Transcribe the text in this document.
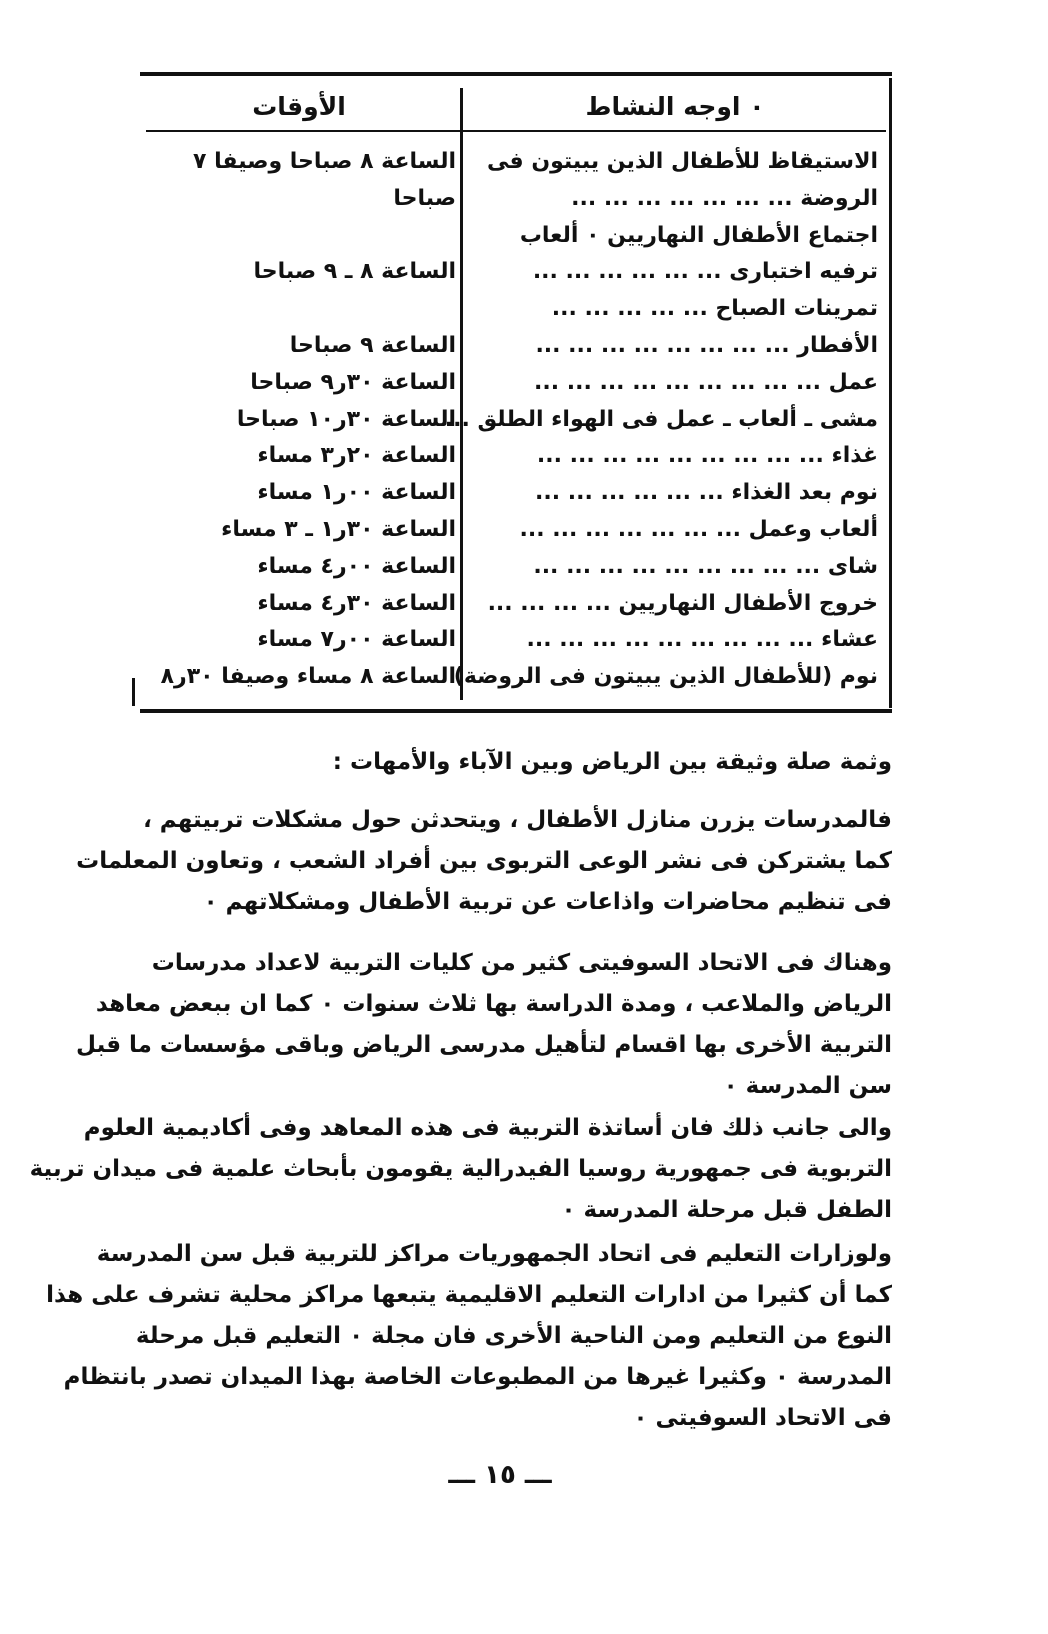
٠ اوجه النشاط
الأوقات
الاستيقاظ للأطفال الذين يبيتون فى
الساعة ٨ صباحا وصيفا ٧
الروضة ... ... ... ... ... ... ...
صباحا
اجتماع الأطفال النهاريين ٠ ألعاب
ترفيه اختبارى ... ... ... ... ... ...
الساعة ٨ ـ ٩ صباحا
تمرينات الصباح ... ... ... ... ...
الأفطار ... ... ... ... ... ... ... ...
الساعة ٩ صباحا
عمل ... ... ... ... ... ... ... ... ...
الساعة ٣٠ر٩ صباحا
مشى ـ ألعاب ـ عمل فى الهواء الطلق ...
الساعة ٣٠ر١٠ صباحا
غذاء ... ... ... ... ... ... ... ... ...
الساعة ٢٠ر٣ مساء
نوم بعد الغذاء ... ... ... ... ... ...
الساعة ٠٠ر١ مساء
ألعاب وعمل ... ... ... ... ... ... ...
الساعة ٣٠ر١ ـ ٣ مساء
شاى ... ... ... ... ... ... ... ... ...
الساعة ٠٠ر٤ مساء
خروج الأطفال النهاريين ... ... ... ...
الساعة ٣٠ر٤ مساء
عشاء ... ... ... ... ... ... ... ... ...
الساعة ٠٠ر٧ مساء
نوم (للأطفال الذين يبيتون فى الروضة)
الساعة ٨ مساء وصيفا ٣٠ر٨
وثمة صلة وثيقة بين الرياض وبين الآباء والأمهات :
فالمدرسات يزرن منازل الأطفال ، ويتحدثن حول مشكلات تربيتهم ،
كما يشتركن فى نشر الوعى التربوى بين أفراد الشعب ، وتعاون المعلمات
فى تنظيم محاضرات واذاعات عن تربية الأطفال ومشكلاتهم ٠
وهناك فى الاتحاد السوفيتى كثير من كليات التربية لاعداد مدرسات
الرياض والملاعب ، ومدة الدراسة بها ثلاث سنوات ٠ كما ان ببعض معاهد
التربية الأخرى بها اقسام لتأهيل مدرسى الرياض وباقى مؤسسات ما قبل
سن المدرسة ٠
والى جانب ذلك فان أساتذة التربية فى هذه المعاهد وفى أكاديمية العلوم
التربوية فى جمهورية روسيا الفيدرالية يقومون بأبحاث علمية فى ميدان تربية
الطفل قبل مرحلة المدرسة ٠
ولوزارات التعليم فى اتحاد الجمهوريات مراكز للتربية قبل سن المدرسة
كما أن كثيرا من ادارات التعليم الاقليمية يتبعها مراكز محلية تشرف على هذا
النوع من التعليم ومن الناحية الأخرى فان مجلة ٠ التعليم قبل مرحلة
المدرسة ٠ وكثيرا غيرها من المطبوعات الخاصة بهذا الميدان تصدر بانتظام
فى الاتحاد السوفيتى ٠
ـــ ١٥ ـــ
